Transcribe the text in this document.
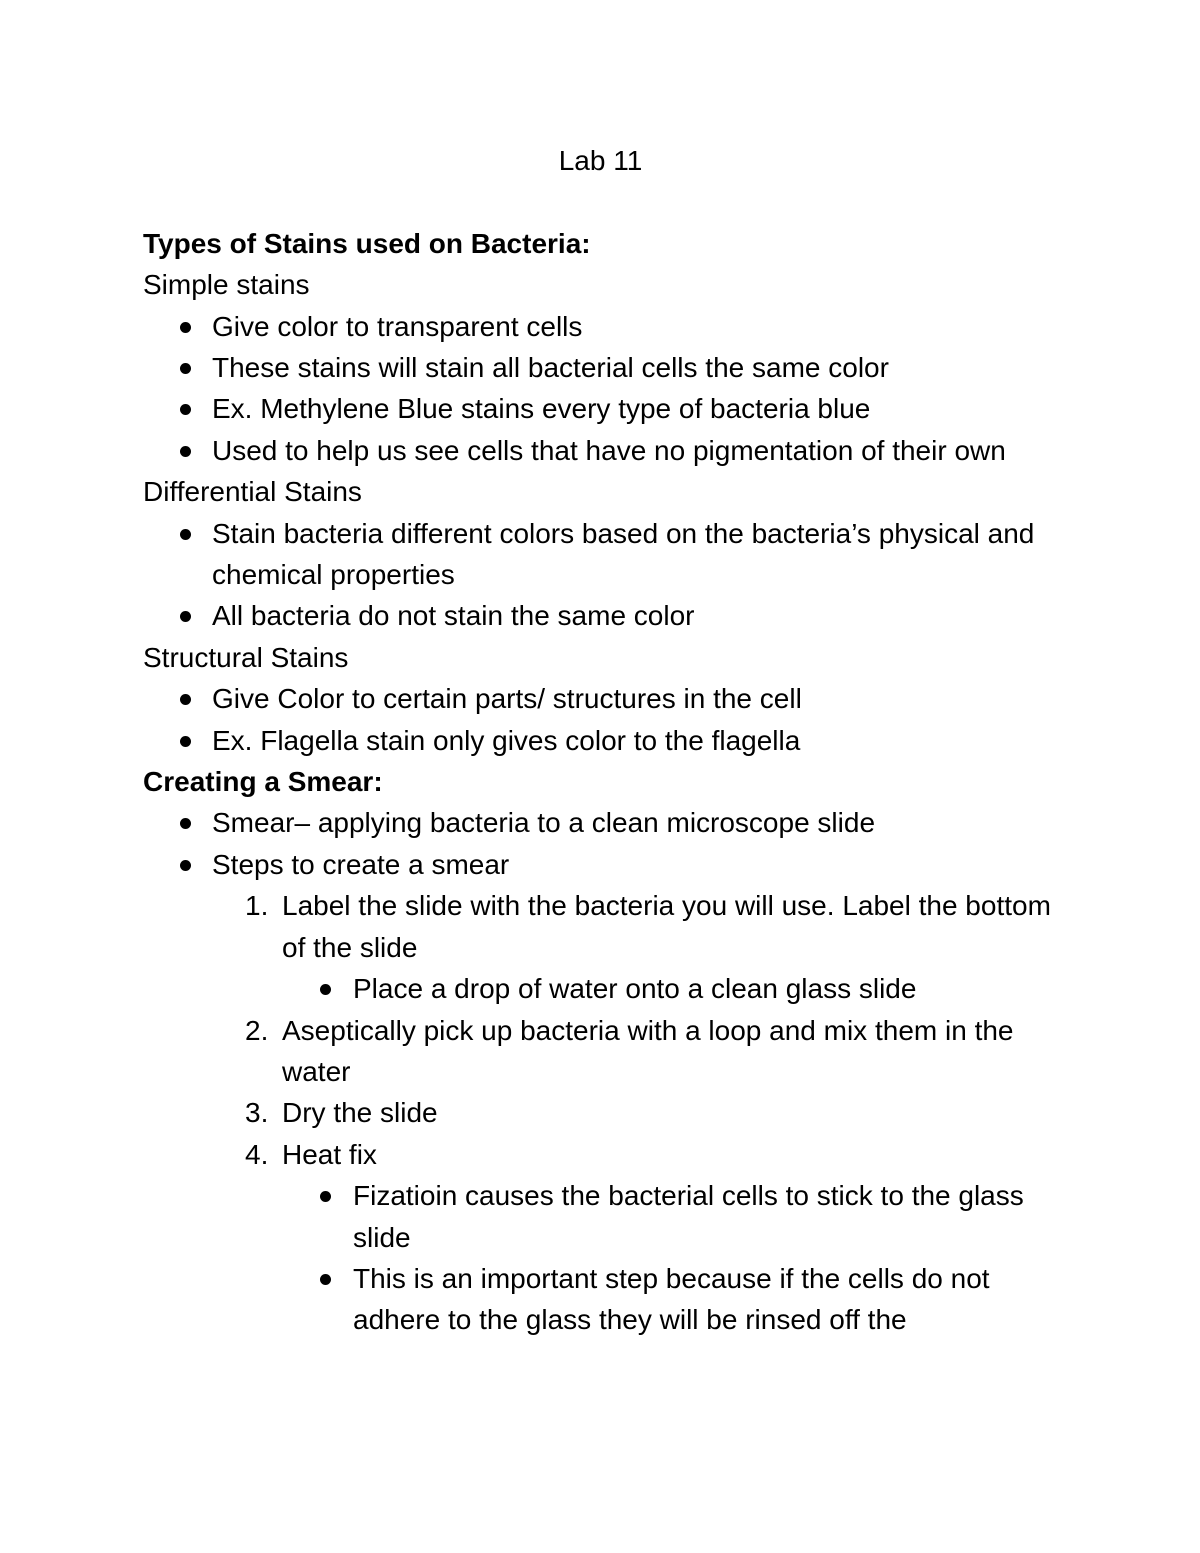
Lab 11

Types of Stains used on Bacteria:

Simple stains

Give color to transparent cells
These stains will stain all bacterial cells the same color
Ex. Methylene Blue stains every type of bacteria blue
Used to help us see cells that have no pigmentation of their own

Differential Stains

Stain bacteria different colors based on the bacteria’s physical and chemical properties
All bacteria do not stain the same color

Structural Stains

Give Color to certain parts/ structures in the cell
Ex. Flagella stain only gives color to the flagella

Creating a Smear:

Smear– applying bacteria to a clean microscope slide
Steps to create a smear
1. Label the slide with the bacteria you will use. Label the bottom of the slide
Place a drop of water onto a clean glass slide
2. Aseptically pick up bacteria with a loop and mix them in the water
3. Dry the slide
4. Heat fix
Fizatioin causes the bacterial cells to stick to the glass slide
This is an important step because if the cells do not adhere to the glass they will be rinsed off the
